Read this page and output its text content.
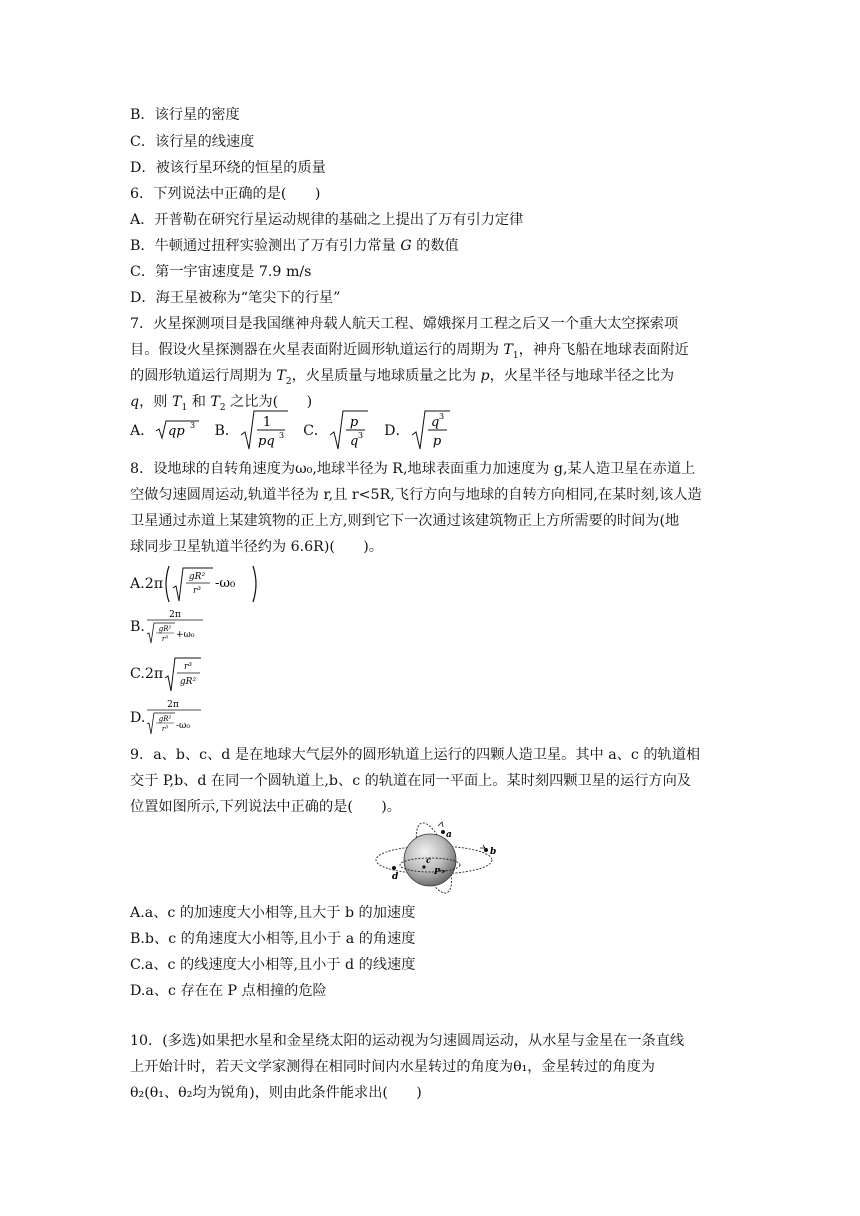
B．该行星的密度
C．该行星的线速度
D．被该行星环绕的恒星的质量
6．下列说法中正确的是(　　)
A．开普勒在研究行星运动规律的基础之上提出了万有引力定律
B．牛顿通过扭秤实验测出了万有引力常量 G 的数值
C．第一宇宙速度是 7.9 m/s
D．海王星被称为“笔尖下的行星”
7．火星探测项目是我国继神舟载人航天工程、嫦娥探月工程之后又一个重大太空探索项
目。假设火星探测器在火星表面附近圆形轨道运行的周期为 $T_1$，神舟飞船在地球表面附近
的圆形轨道运行周期为 $T_2$，火星质量与地球质量之比为 p，火星半径与地球半径之比为
q，则 $T_1$ 和 $T_2$ 之比为(　　)
A． qp 3 B．
1
pq 3 C．
p
q 3 D．
q 3
p
8．设地球的自转角速度为ω₀,地球半径为 R,地球表面重力加速度为 g,某人造卫星在赤道上
空做匀速圆周运动,轨道半径为 r,且 r<5R,飞行方向与地球的自转方向相同,在某时刻,该人造
卫星通过赤道上某建筑物的正上方,则到它下一次通过该建筑物正上方所需要的时间为(地
球同步卫星轨道半径约为 6.6R)(　　)。
A.2π	gR²
r³ -ω₀
B.
2π
gR²
r³ +ω₀
C.2π r³
gR²
D.
2π
gR²
r³ -ω₀
9．a、b、c、d 是在地球大气层外的圆形轨道上运行的四颗人造卫星。其中 a、c 的轨道相
交于 P,b、d 在同一个圆轨道上,b、c 的轨道在同一平面上。某时刻四颗卫星的运行方向及
位置如图所示,下列说法中正确的是(　　)。
a
b
c
d
P
A.a、c 的加速度大小相等,且大于 b 的加速度
B.b、c 的角速度大小相等,且小于 a 的角速度
C.a、c 的线速度大小相等,且小于 d 的线速度
D.a、c 存在在 P 点相撞的危险
10．(多选)如果把水星和金星绕太阳的运动视为匀速圆周运动，从水星与金星在一条直线
上开始计时，若天文学家测得在相同时间内水星转过的角度为θ₁，金星转过的角度为
θ₂(θ₁、θ₂均为锐角)，则由此条件能求出(　　)
